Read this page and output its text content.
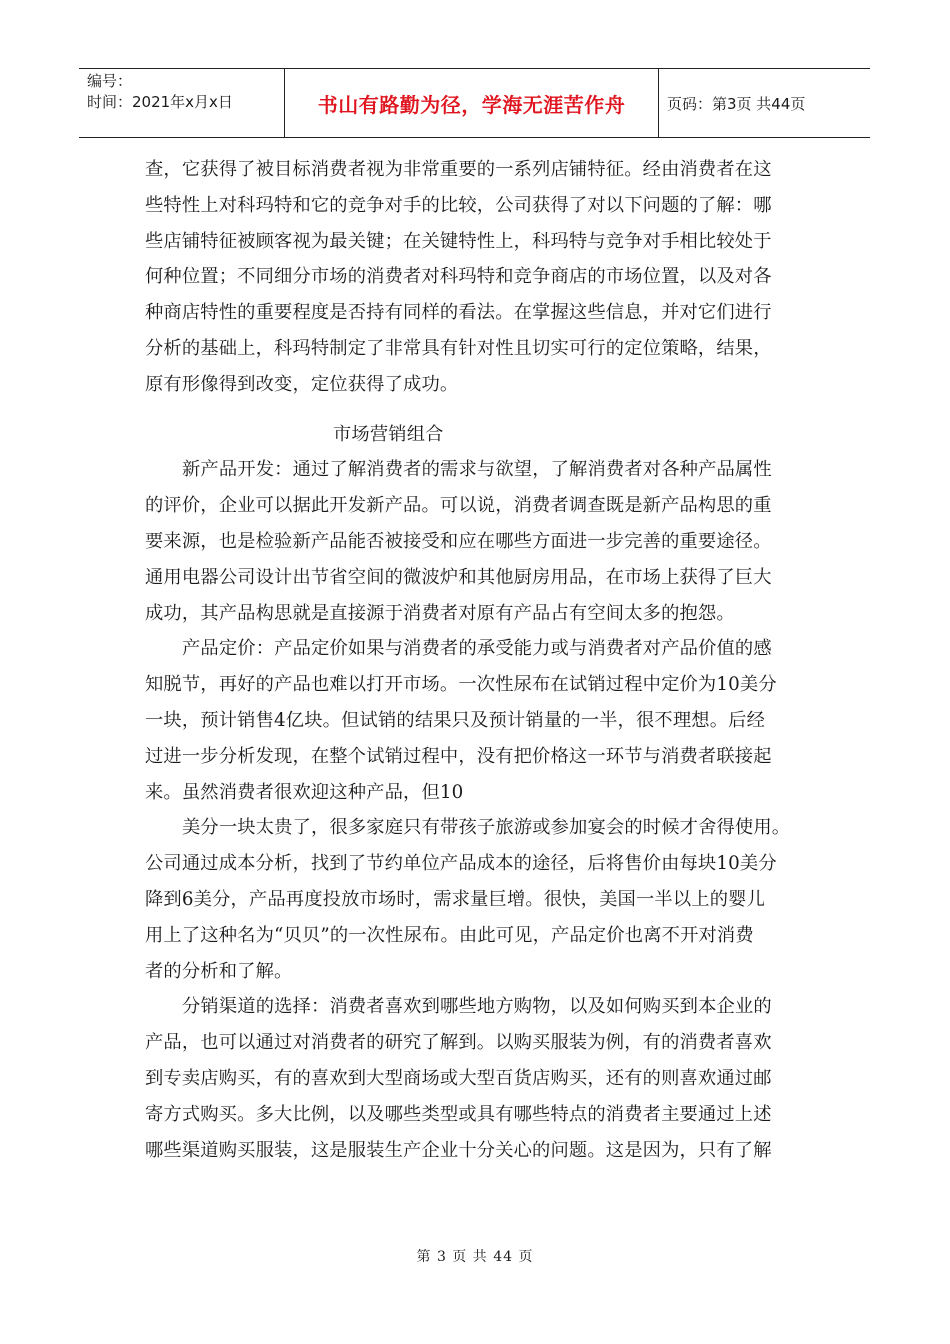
编号：
时间：2021年x月x日	书山有路勤为径，学海无涯苦作舟	页码：第3页 共44页
查，它获得了被目标消费者视为非常重要的一系列店铺特征。经由消费者在这
些特性上对科玛特和它的竞争对手的比较，公司获得了对以下问题的了解：哪
些店铺特征被顾客视为最关键；在关键特性上，科玛特与竞争对手相比较处于
何种位置；不同细分市场的消费者对科玛特和竞争商店的市场位置，以及对各
种商店特性的重要程度是否持有同样的看法。在掌握这些信息，并对它们进行
分析的基础上，科玛特制定了非常具有针对性且切实可行的定位策略，结果，
原有形像得到改变，定位获得了成功。
市场营销组合
新产品开发：通过了解消费者的需求与欲望，了解消费者对各种产品属性
的评价，企业可以据此开发新产品。可以说，消费者调查既是新产品构思的重
要来源，也是检验新产品能否被接受和应在哪些方面进一步完善的重要途径。
通用电器公司设计出节省空间的微波炉和其他厨房用品，在市场上获得了巨大
成功，其产品构思就是直接源于消费者对原有产品占有空间太多的抱怨。
产品定价：产品定价如果与消费者的承受能力或与消费者对产品价值的感
知脱节，再好的产品也难以打开市场。一次性尿布在试销过程中定价为10美分
一块，预计销售4亿块。但试销的结果只及预计销量的一半，很不理想。后经
过进一步分析发现，在整个试销过程中，没有把价格这一环节与消费者联接起
来。虽然消费者很欢迎这种产品，但10
美分一块太贵了，很多家庭只有带孩子旅游或参加宴会的时候才舍得使用。
公司通过成本分析，找到了节约单位产品成本的途径，后将售价由每块10美分
降到6美分，产品再度投放市场时，需求量巨增。很快，美国一半以上的婴儿
用上了这种名为“贝贝”的一次性尿布。由此可见，产品定价也离不开对消费
者的分析和了解。
分销渠道的选择：消费者喜欢到哪些地方购物，以及如何购买到本企业的
产品，也可以通过对消费者的研究了解到。以购买服装为例，有的消费者喜欢
到专卖店购买，有的喜欢到大型商场或大型百货店购买，还有的则喜欢通过邮
寄方式购买。多大比例，以及哪些类型或具有哪些特点的消费者主要通过上述
哪些渠道购买服装，这是服装生产企业十分关心的问题。这是因为，只有了解
第 3 页 共 44 页
